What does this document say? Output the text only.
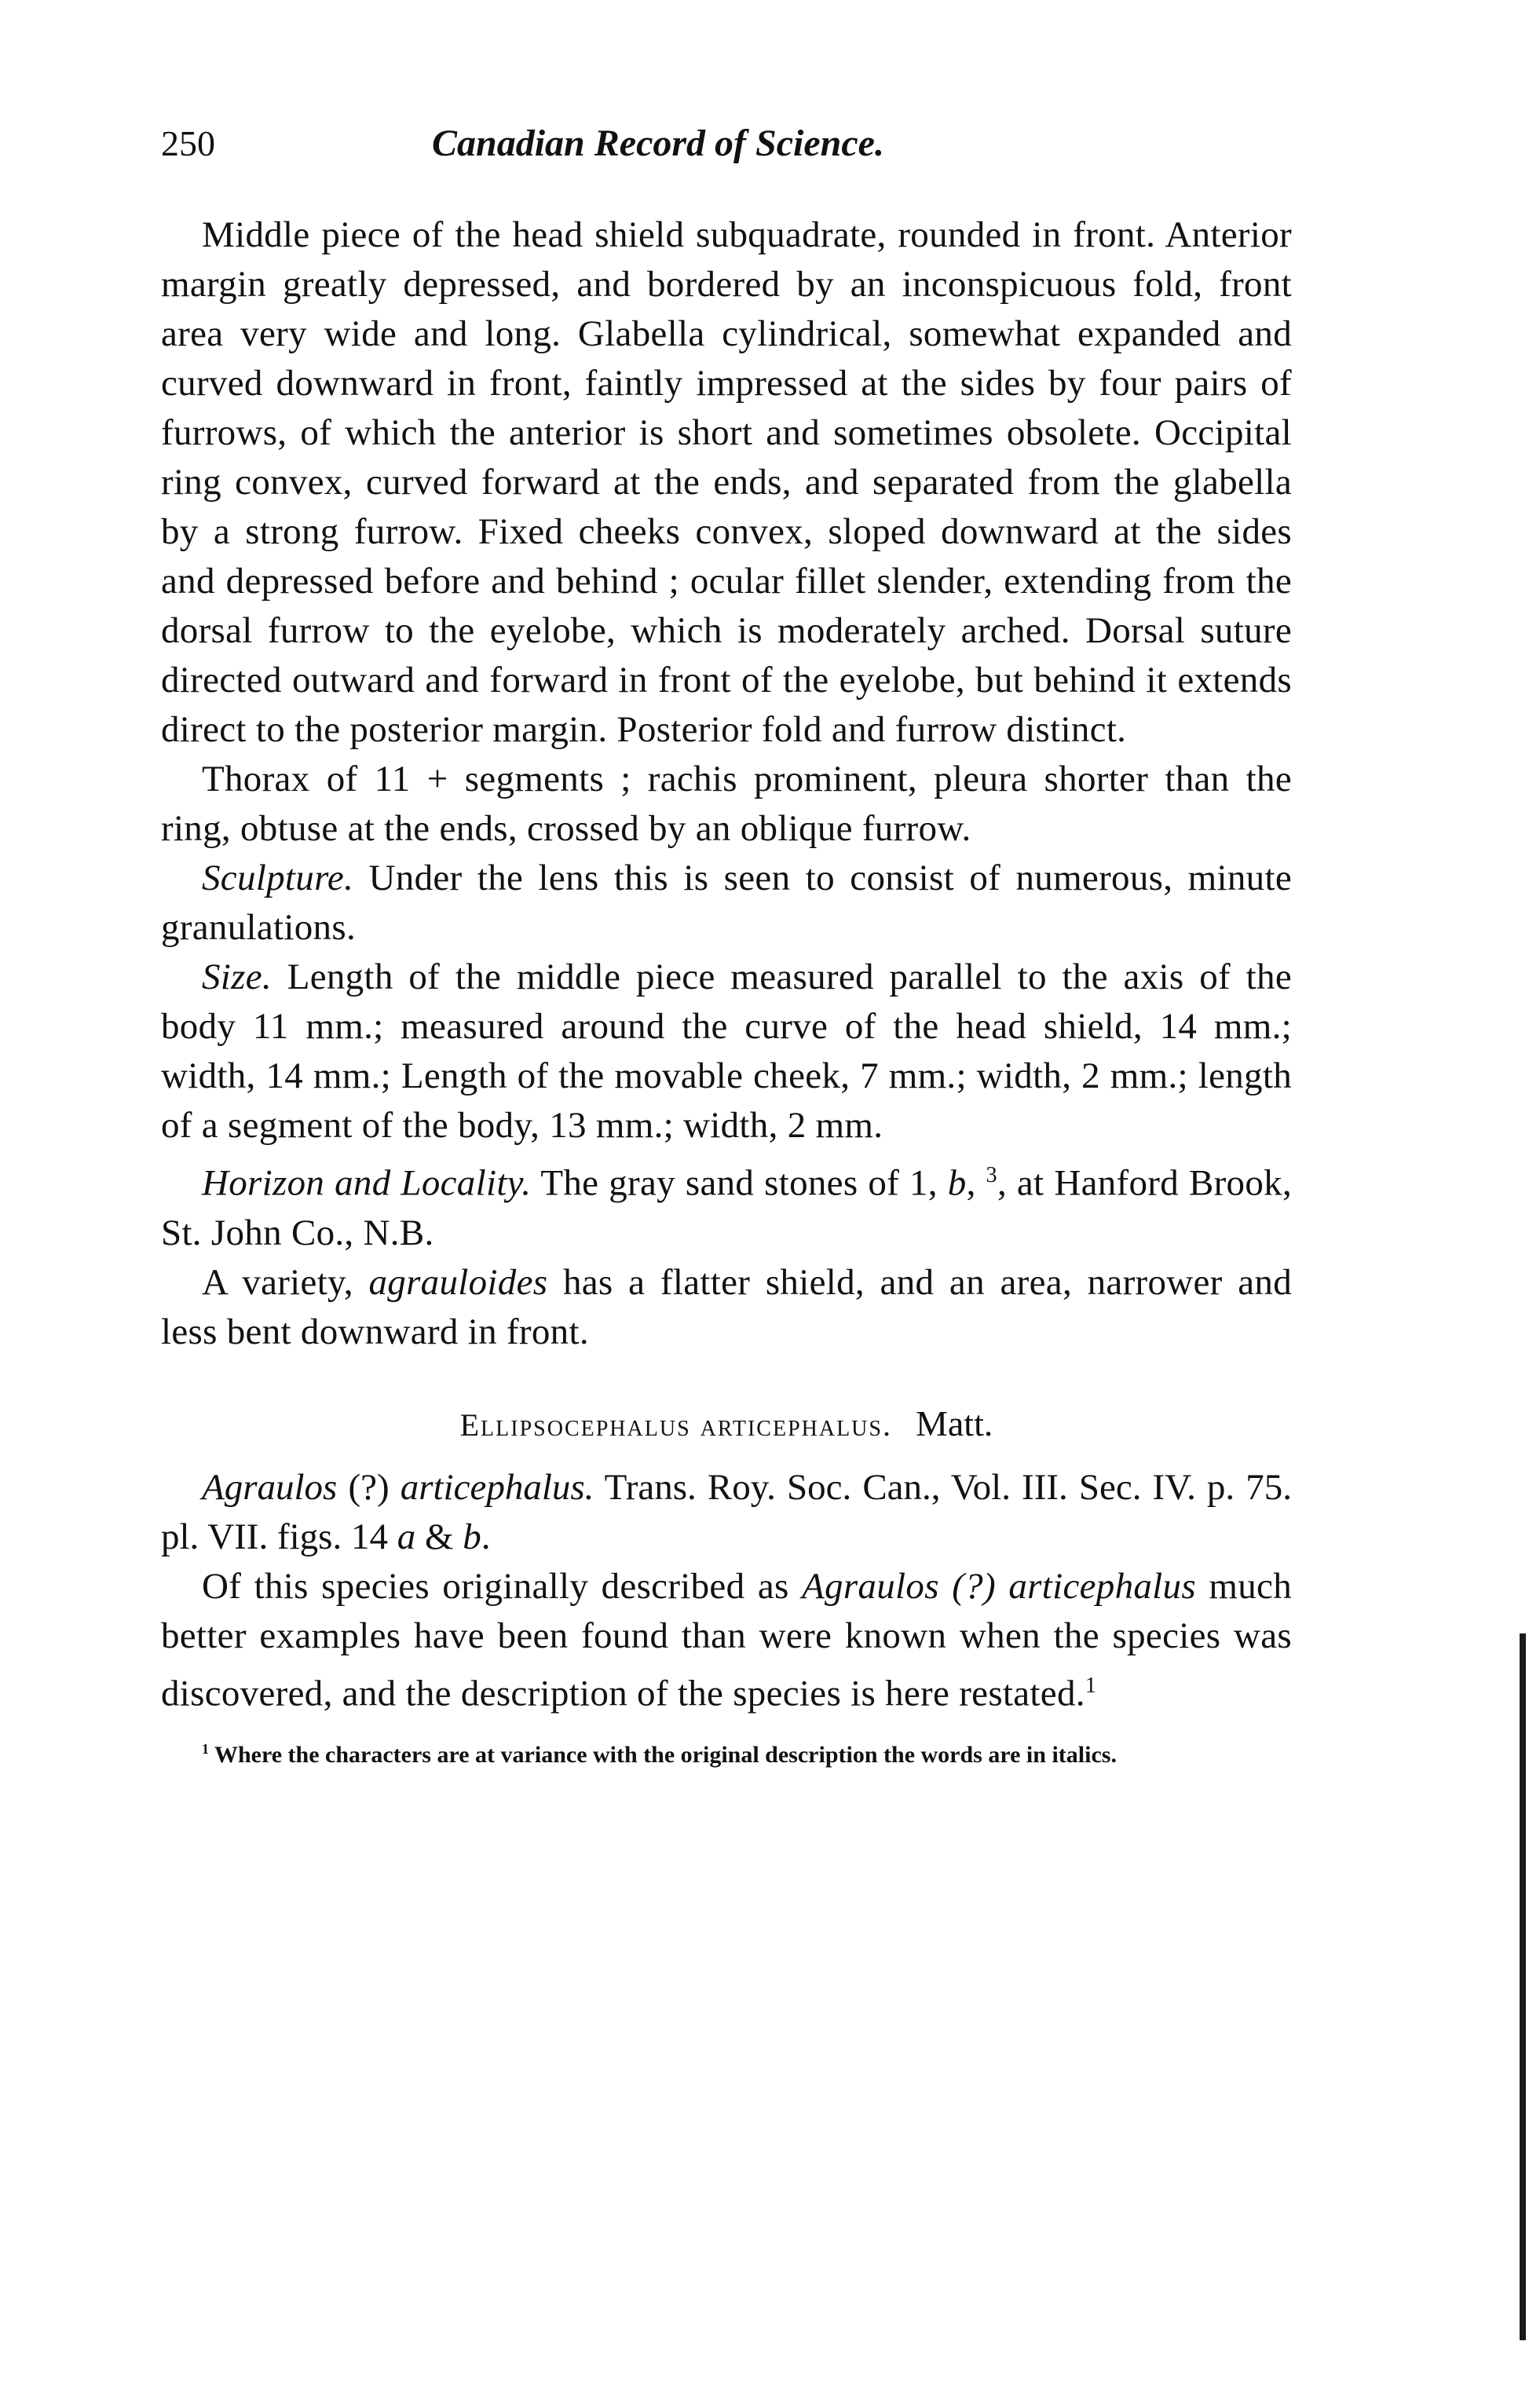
250	Canadian Record of Science.

Middle piece of the head shield subquadrate, rounded in front. Anterior margin greatly depressed, and bordered by an inconspicuous fold, front area very wide and long. Glabella cylindrical, somewhat expanded and curved downward in front, faintly impressed at the sides by four pairs of furrows, of which the anterior is short and sometimes obsolete. Occipital ring convex, curved forward at the ends, and separated from the glabella by a strong furrow. Fixed cheeks convex, sloped downward at the sides and depressed before and behind ; ocular fillet slender, extending from the dorsal furrow to the eyelobe, which is moderately arched. Dorsal suture directed outward and forward in front of the eyelobe, but behind it extends direct to the posterior margin. Posterior fold and furrow distinct.

Thorax of 11 + segments ; rachis prominent, pleura shorter than the ring, obtuse at the ends, crossed by an oblique furrow.

Sculpture. Under the lens this is seen to consist of numerous, minute granulations.

Size. Length of the middle piece measured parallel to the axis of the body 11 mm.; measured around the curve of the head shield, 14 mm.; width, 14 mm.; Length of the movable cheek, 7 mm.; width, 2 mm.; length of a segment of the body, 13 mm.; width, 2 mm.

Horizon and Locality. The gray sand stones of 1, b, $^3$, at Hanford Brook, St. John Co., N.B.

A variety, agrauloides has a flatter shield, and an area, narrower and less bent downward in front.

Ellipsocephalus articephalus. Matt.

Agraulos (?) articephalus. Trans. Roy. Soc. Can., Vol. III. Sec. IV. p. 75. pl. VII. figs. 14 a & b.

Of this species originally described as Agraulos (?) articephalus much better examples have been found than were known when the species was discovered, and the description of the species is here restated.$^1$

$^1$ Where the characters are at variance with the original description the words are in italics.
